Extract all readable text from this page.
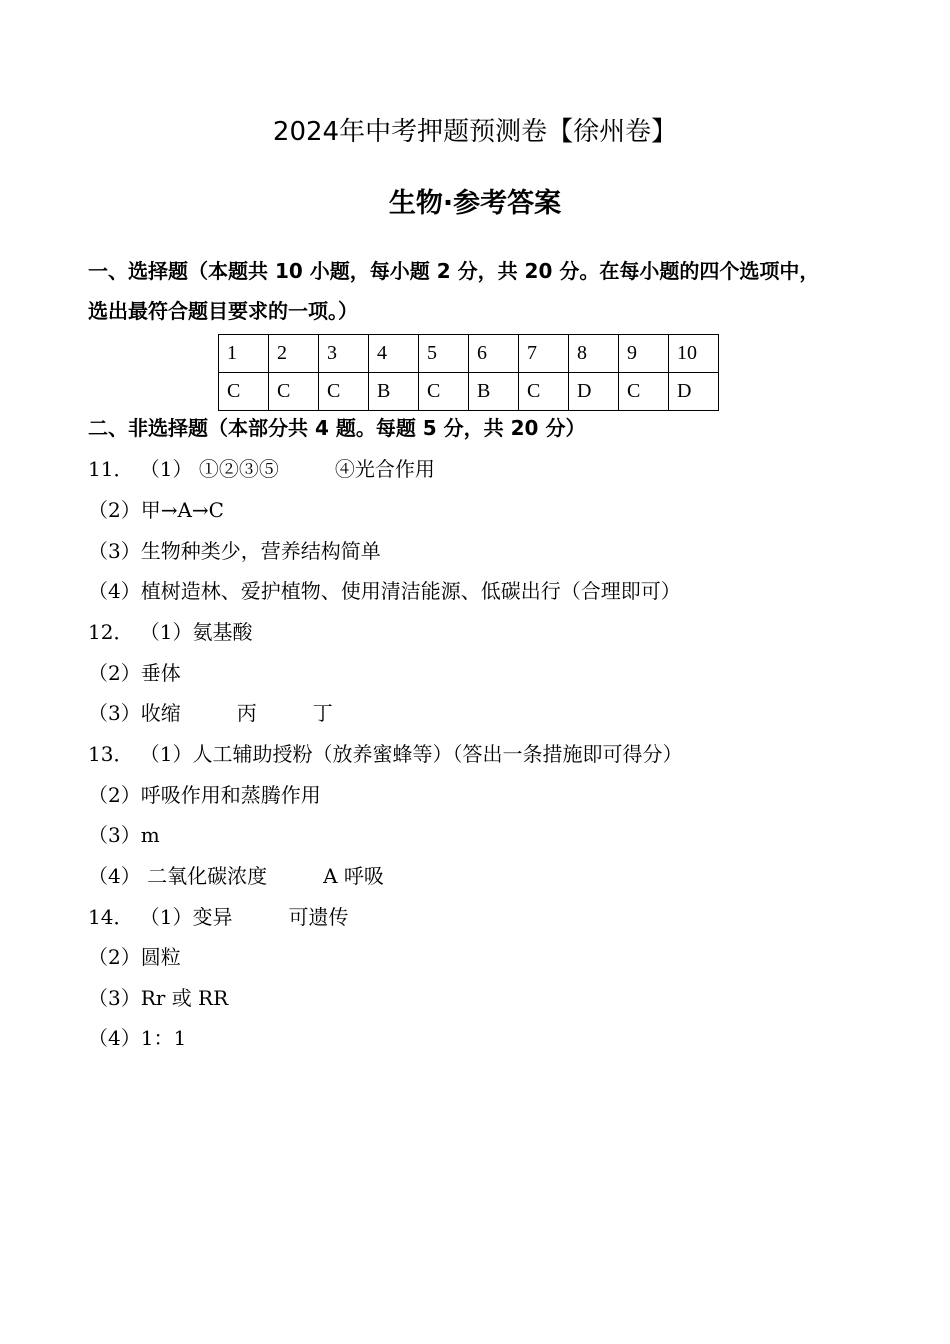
2024年中考押题预测卷【徐州卷】
生物·参考答案
一、选择题（本题共 10 小题，每小题 2 分，共 20 分。在每小题的四个选项中，
选出最符合题目要求的一项。）
1	2	3	4	5	6	7	8	9	10
C	C	C	B	C	B	C	D	C	D
二、非选择题（本部分共 4 题。每题 5 分，共 20 分）
11． （1） ①②③⑤	④光合作用
（2）甲→A→C
（3）生物种类少，营养结构简单
（4）植树造林、爱护植物、使用清洁能源、低碳出行（合理即可）
12． （1）氨基酸
（2）垂体
（3）收缩	丙	丁
13． （1）人工辅助授粉（放养蜜蜂等）（答出一条措施即可得分）
（2）呼吸作用和蒸腾作用
（3）m
（4） 二氧化碳浓度	A 呼吸
14． （1）变异	可遗传
（2）圆粒
（3）Rr 或 RR
（4）1：1
